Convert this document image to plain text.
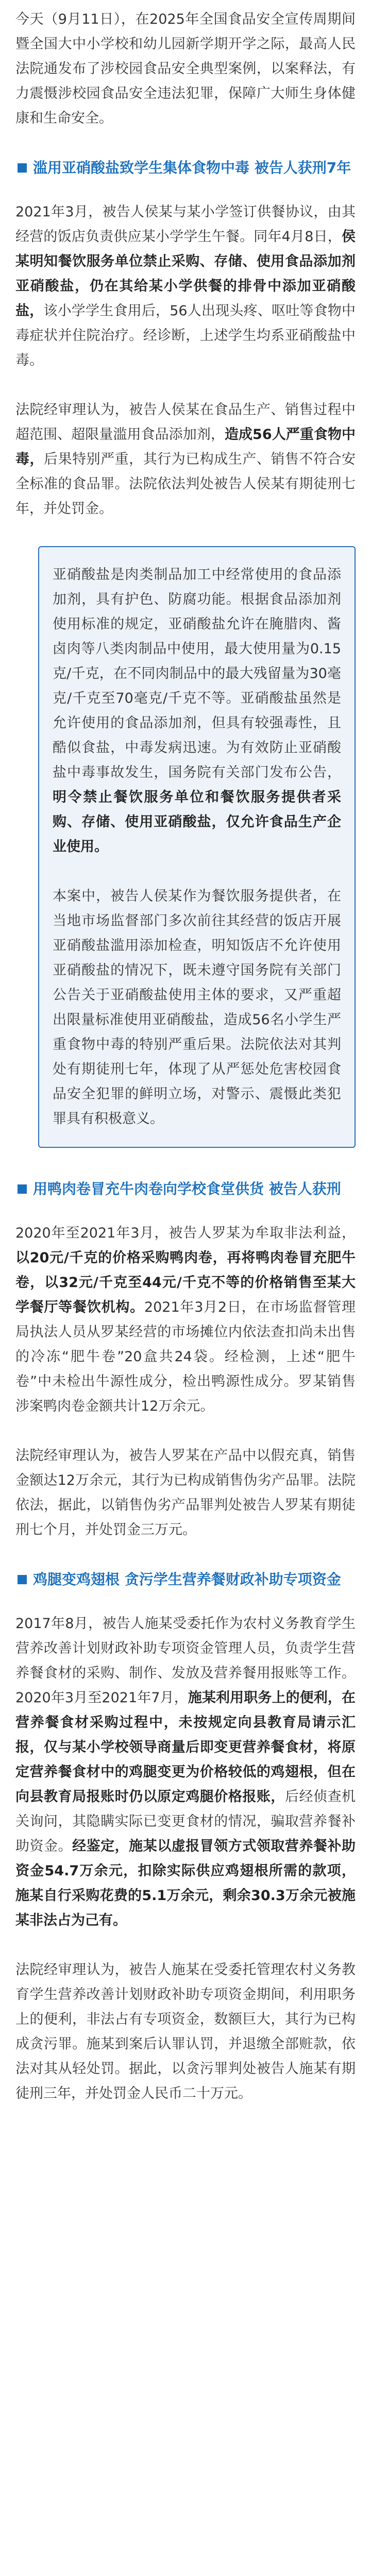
今天（9月11日），在2025年全国食品安全宣传周期间暨全国大中小学校和幼儿园新学期开学之际，最高人民法院通发布了涉校园食品安全典型案例，以案释法，有力震慑涉校园食品安全违法犯罪，保障广大师生身体健康和生命安全。

滥用亚硝酸盐致学生集体食物中毒 被告人获刑7年

2021年3月，被告人侯某与某小学签订供餐协议，由其经营的饭店负责供应某小学学生午餐。同年4月8日，侯某明知餐饮服务单位禁止采购、存储、使用食品添加剂亚硝酸盐，仍在其给某小学供餐的排骨中添加亚硝酸盐，该小学学生食用后，56人出现头疼、呕吐等食物中毒症状并住院治疗。经诊断，上述学生均系亚硝酸盐中毒。

法院经审理认为，被告人侯某在食品生产、销售过程中超范围、超限量滥用食品添加剂，造成56人严重食物中毒，后果特别严重，其行为已构成生产、销售不符合安全标准的食品罪。法院依法判处被告人侯某有期徒刑七年，并处罚金。

亚硝酸盐是肉类制品加工中经常使用的食品添加剂，具有护色、防腐功能。根据食品添加剂使用标准的规定，亚硝酸盐允许在腌腊肉、酱卤肉等八类肉制品中使用，最大使用量为0.15克/千克，在不同肉制品中的最大残留量为30毫克/千克至70毫克/千克不等。亚硝酸盐虽然是允许使用的食品添加剂，但具有较强毒性，且酷似食盐，中毒发病迅速。为有效防止亚硝酸盐中毒事故发生，国务院有关部门发布公告，明令禁止餐饮服务单位和餐饮服务提供者采购、存储、使用亚硝酸盐，仅允许食品生产企业使用。

本案中，被告人侯某作为餐饮服务提供者，在当地市场监督部门多次前往其经营的饭店开展亚硝酸盐滥用添加检查，明知饭店不允许使用亚硝酸盐的情况下，既未遵守国务院有关部门公告关于亚硝酸盐使用主体的要求，又严重超出限量标准使用亚硝酸盐，造成56名小学生严重食物中毒的特别严重后果。法院依法对其判处有期徒刑七年，体现了从严惩处危害校园食品安全犯罪的鲜明立场，对警示、震慑此类犯罪具有积极意义。

用鸭肉卷冒充牛肉卷向学校食堂供货 被告人获刑

2020年至2021年3月，被告人罗某为牟取非法利益，以20元/千克的价格采购鸭肉卷，再将鸭肉卷冒充肥牛卷，以32元/千克至44元/千克不等的价格销售至某大学餐厅等餐饮机构。2021年3月2日，在市场监督管理局执法人员从罗某经营的市场摊位内依法查扣尚未出售的冷冻“肥牛卷”20盒共24袋。经检测，上述“肥牛卷”中未检出牛源性成分，检出鸭源性成分。罗某销售涉案鸭肉卷金额共计12万余元。

法院经审理认为，被告人罗某在产品中以假充真，销售金额达12万余元，其行为已构成销售伪劣产品罪。法院依法，据此，以销售伪劣产品罪判处被告人罗某有期徒刑七个月，并处罚金三万元。

鸡腿变鸡翅根 贪污学生营养餐财政补助专项资金

2017年8月，被告人施某受委托作为农村义务教育学生营养改善计划财政补助专项资金管理人员，负责学生营养餐食材的采购、制作、发放及营养餐用报账等工作。2020年3月至2021年7月，施某利用职务上的便利，在营养餐食材采购过程中，未按规定向县教育局请示汇报，仅与某小学校领导商量后即变更营养餐食材，将原定营养餐食材中的鸡腿变更为价格较低的鸡翅根，但在向县教育局报账时仍以原定鸡腿价格报账，后经侦查机关询问，其隐瞒实际已变更食材的情况，骗取营养餐补助资金。经鉴定，施某以虚报冒领方式领取营养餐补助资金54.7万余元，扣除实际供应鸡翅根所需的款项，施某自行采购花费的5.1万余元，剩余30.3万余元被施某非法占为己有。

法院经审理认为，被告人施某在受委托管理农村义务教育学生营养改善计划财政补助专项资金期间，利用职务上的便利，非法占有专项资金，数额巨大，其行为已构成贪污罪。施某到案后认罪认罚，并退缴全部赃款，依法对其从轻处罚。据此，以贪污罪判处被告人施某有期徒刑三年，并处罚金人民币二十万元。
